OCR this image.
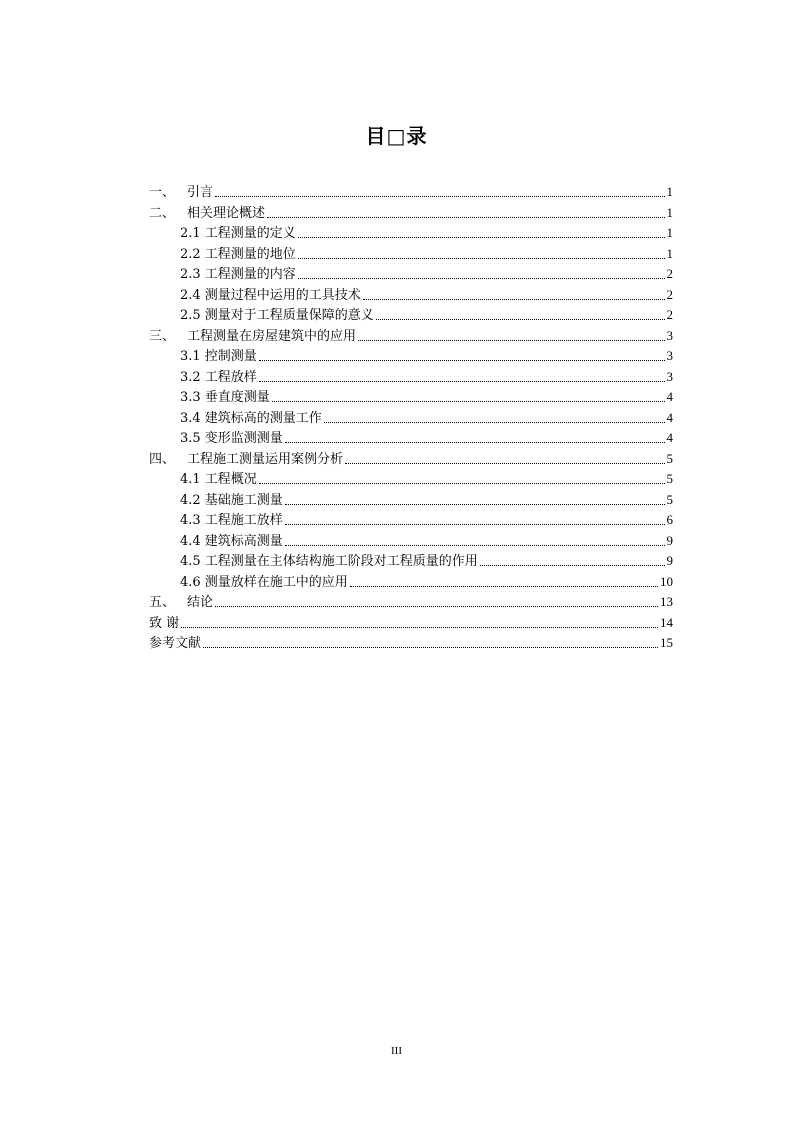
目□录
一、 引言	1
二、 相关理论概述	1
2.1 工程测量的定义	1
2.2 工程测量的地位	1
2.3 工程测量的内容	2
2.4 测量过程中运用的工具技术	2
2.5 测量对于工程质量保障的意义	2
三、 工程测量在房屋建筑中的应用	3
3.1 控制测量	3
3.2 工程放样	3
3.3 垂直度测量	4
3.4 建筑标高的测量工作	4
3.5 变形监测测量	4
四、 工程施工测量运用案例分析	5
4.1 工程概况	5
4.2 基础施工测量	5
4.3 工程施工放样	6
4.4 建筑标高测量	9
4.5 工程测量在主体结构施工阶段对工程质量的作用	9
4.6 测量放样在施工中的应用	10
五、 结论	13
致 谢	14
参考文献	15
III
